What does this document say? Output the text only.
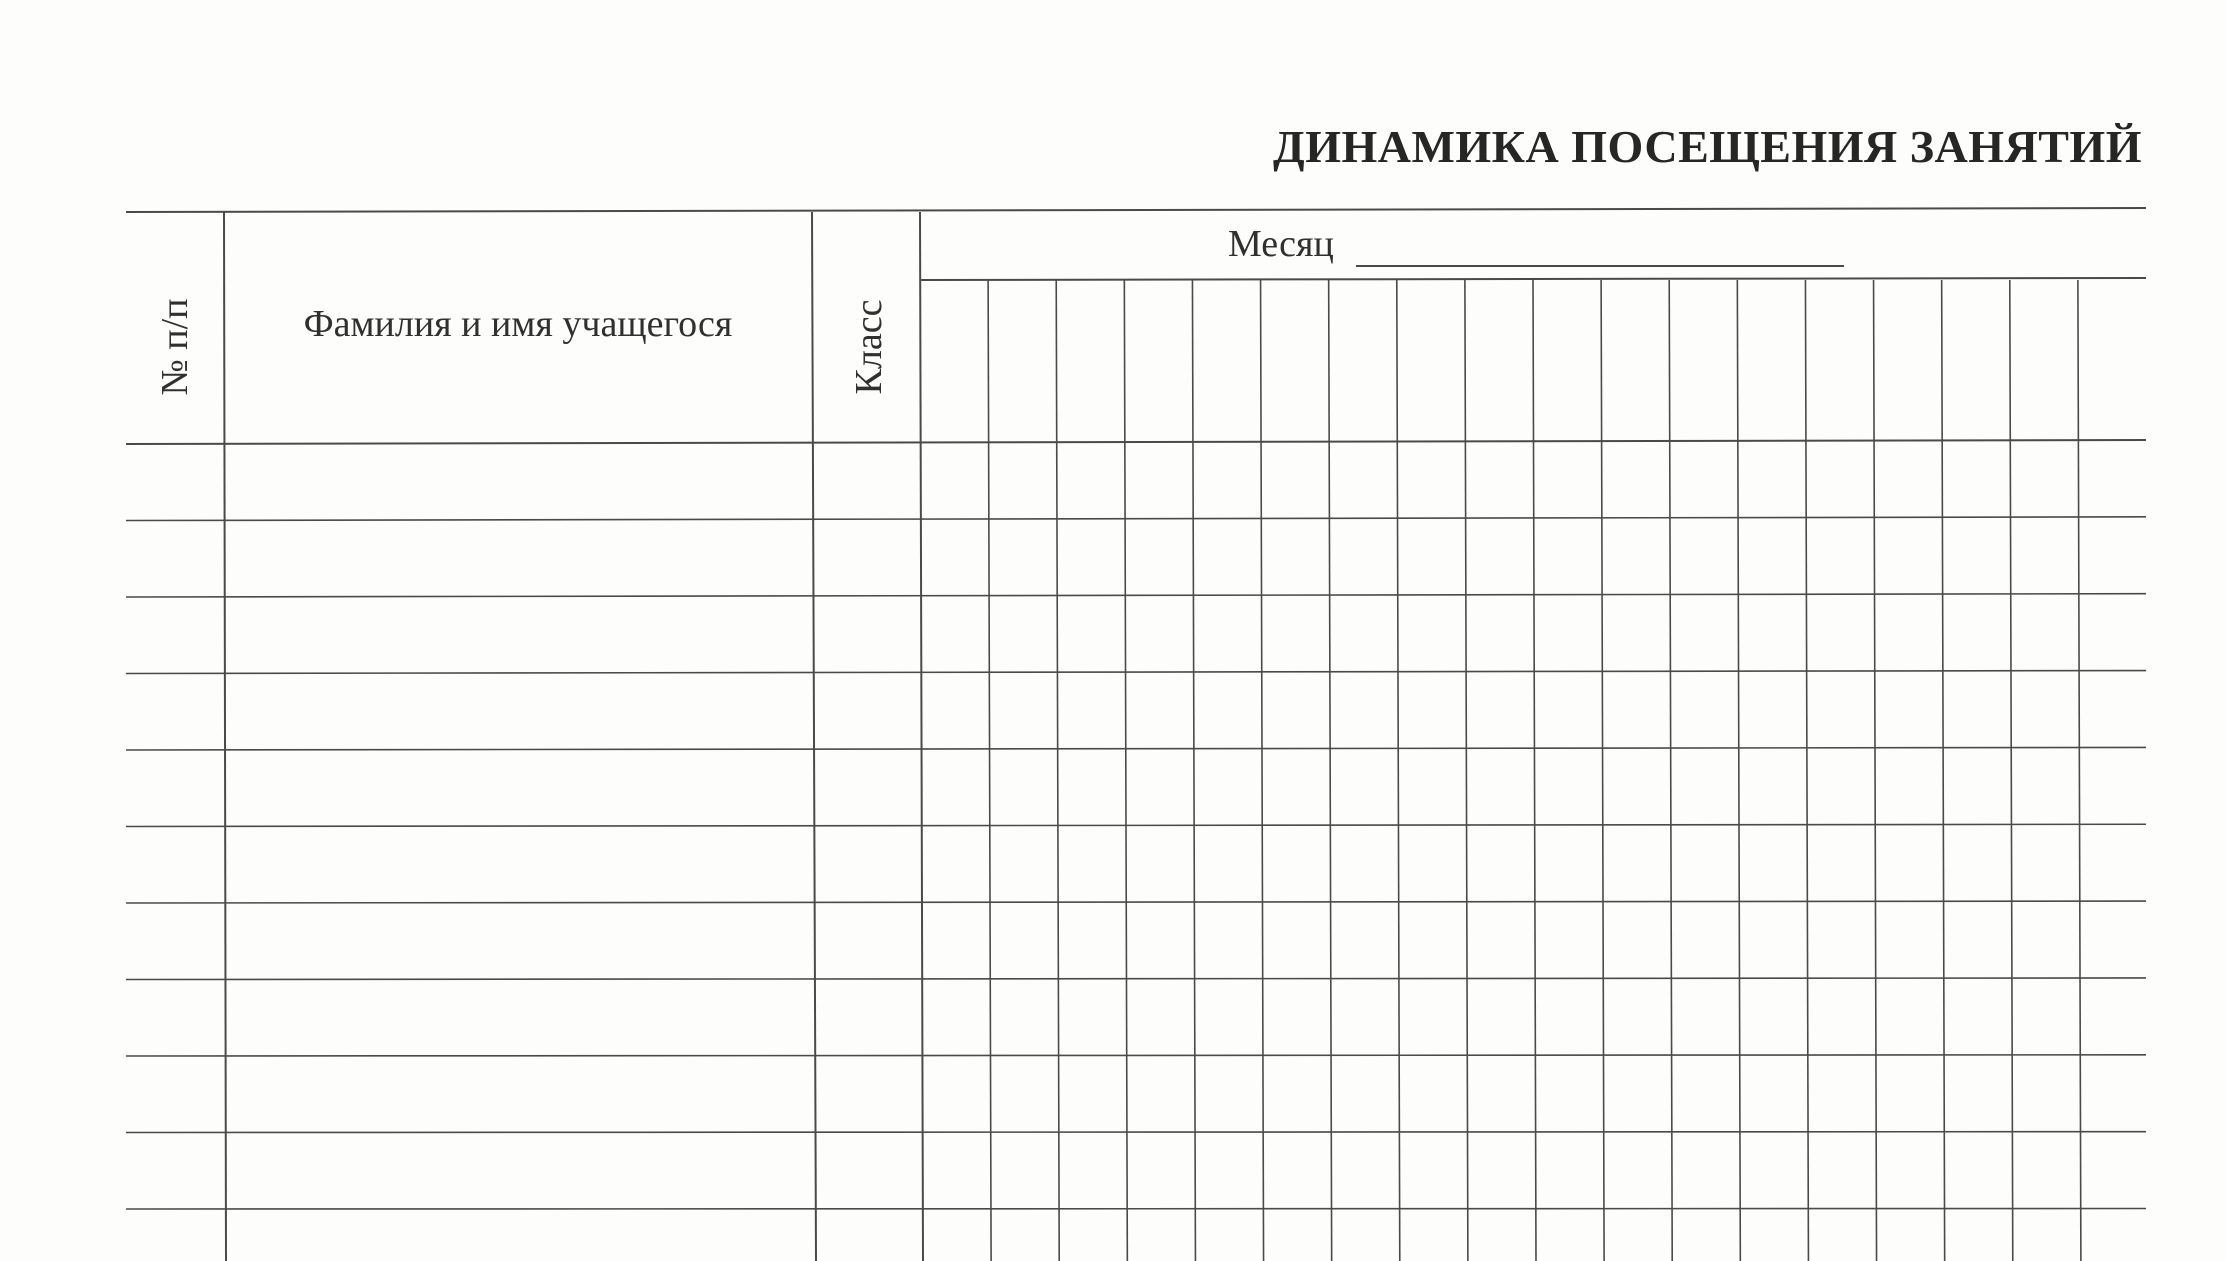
ДИНАМИКА ПОСЕЩЕНИЯ ЗАНЯТИЙ
Фамилия и имя учащегося
№ п/п	Класс
Месяц
